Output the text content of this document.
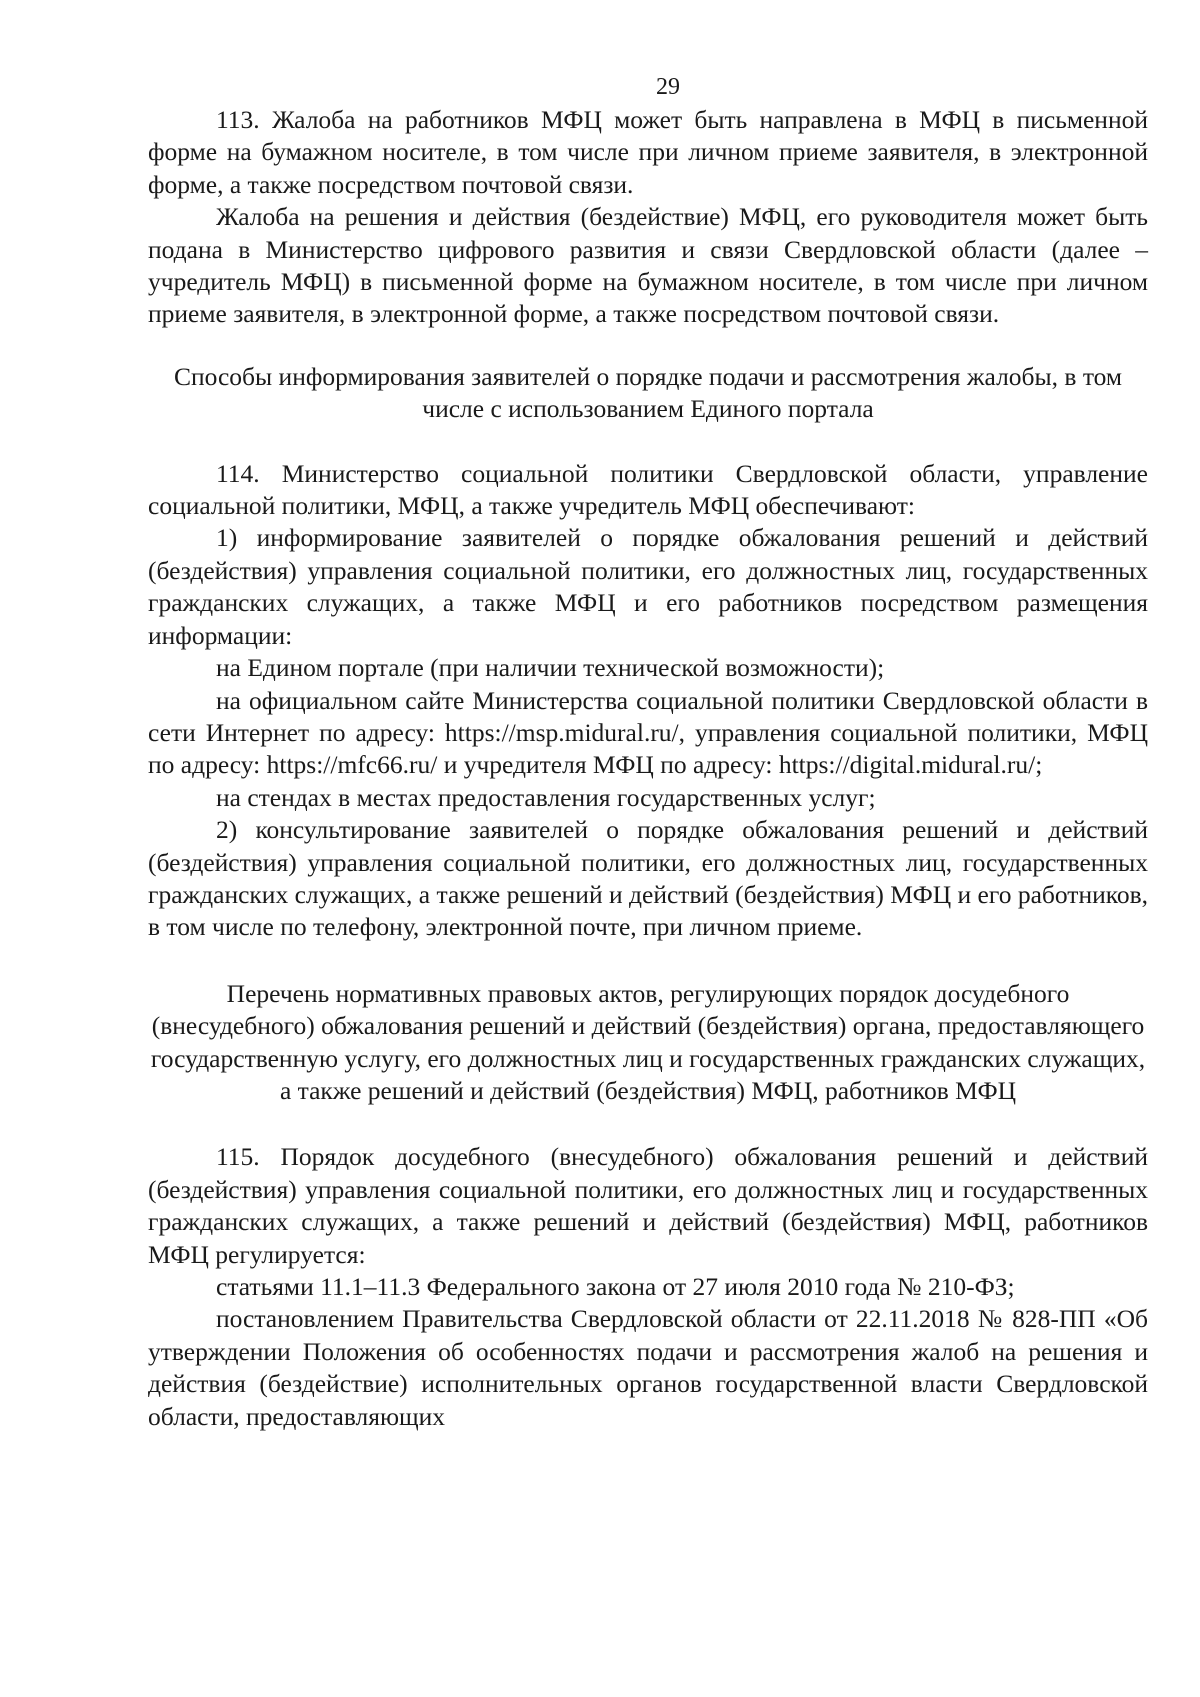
29

113. Жалоба на работников МФЦ может быть направлена в МФЦ в письменной форме на бумажном носителе, в том числе при личном приеме заявителя, в электронной форме, а также посредством почтовой связи.

Жалоба на решения и действия (бездействие) МФЦ, его руководителя может быть подана в Министерство цифрового развития и связи Свердловской области (далее – учредитель МФЦ) в письменной форме на бумажном носителе, в том числе при личном приеме заявителя, в электронной форме, а также посредством почтовой связи.

Способы информирования заявителей о порядке подачи и рассмотрения жалобы, в том числе с использованием Единого портала

114. Министерство социальной политики Свердловской области, управление социальной политики, МФЦ, а также учредитель МФЦ обеспечивают:

1) информирование заявителей о порядке обжалования решений и действий (бездействия) управления социальной политики, его должностных лиц, государственных гражданских служащих, а также МФЦ и его работников посредством размещения информации:

на Едином портале (при наличии технической возможности);

на официальном сайте Министерства социальной политики Свердловской области в сети Интернет по адресу: https://msp.midural.ru/, управления социальной политики, МФЦ по адресу: https://mfc66.ru/ и учредителя МФЦ по адресу: https://digital.midural.ru/;

на стендах в местах предоставления государственных услуг;

2) консультирование заявителей о порядке обжалования решений и действий (бездействия) управления социальной политики, его должностных лиц, государственных гражданских служащих, а также решений и действий (бездействия) МФЦ и его работников, в том числе по телефону, электронной почте, при личном приеме.

Перечень нормативных правовых актов, регулирующих порядок досудебного (внесудебного) обжалования решений и действий (бездействия) органа, предоставляющего государственную услугу, его должностных лиц и государственных гражданских служащих, а также решений и действий (бездействия) МФЦ, работников МФЦ

115. Порядок досудебного (внесудебного) обжалования решений и действий (бездействия) управления социальной политики, его должностных лиц и государственных гражданских служащих, а также решений и действий (бездействия) МФЦ, работников МФЦ регулируется:

статьями 11.1–11.3 Федерального закона от 27 июля 2010 года № 210-ФЗ;

постановлением Правительства Свердловской области от 22.11.2018 № 828-ПП «Об утверждении Положения об особенностях подачи и рассмотрения жалоб на решения и действия (бездействие) исполнительных органов государственной власти Свердловской области, предоставляющих
